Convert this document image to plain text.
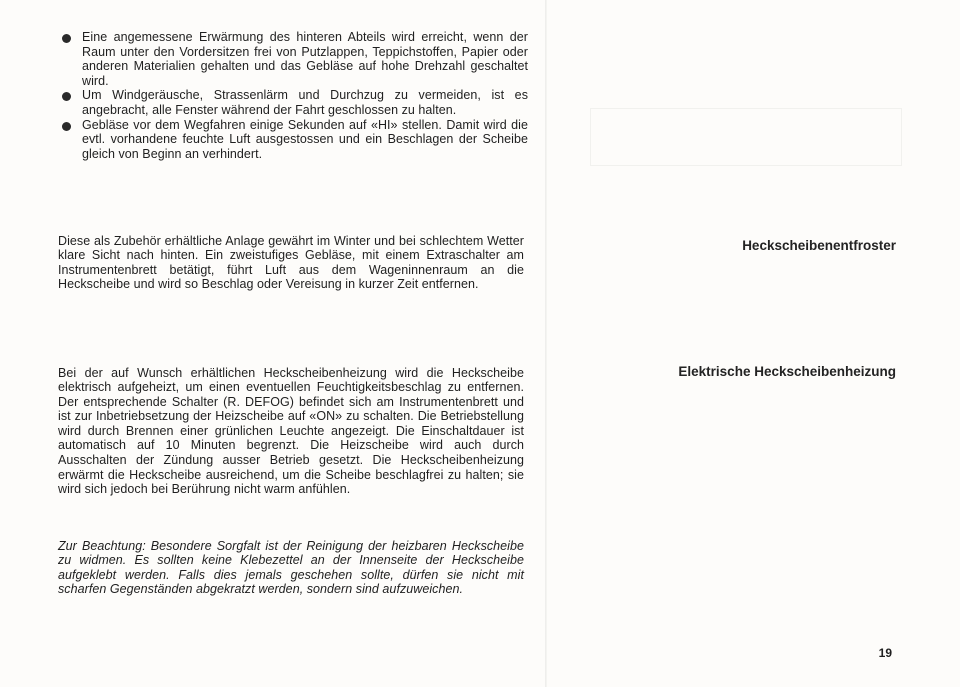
Eine angemessene Erwärmung des hinteren Abteils wird erreicht, wenn der Raum unter den Vordersitzen frei von Putzlappen, Teppichstoffen, Papier oder anderen Materialien gehalten und das Gebläse auf hohe Drehzahl geschaltet wird.
Um Windgeräusche, Strassenlärm und Durchzug zu vermeiden, ist es angebracht, alle Fenster während der Fahrt geschlossen zu halten.
Gebläse vor dem Wegfahren einige Sekunden auf «HI» stellen. Damit wird die evtl. vorhandene feuchte Luft ausgestossen und ein Beschlagen der Scheibe gleich von Beginn an verhindert.

Diese als Zubehör erhältliche Anlage gewährt im Winter und bei schlechtem Wetter klare Sicht nach hinten. Ein zweistufiges Gebläse, mit einem Extraschalter am Instrumentenbrett betätigt, führt Luft aus dem Wageninnenraum an die Heckscheibe und wird so Beschlag oder Vereisung in kurzer Zeit entfernen.

Bei der auf Wunsch erhältlichen Heckscheibenheizung wird die Heckscheibe elektrisch aufgeheizt, um einen eventuellen Feuchtigkeitsbeschlag zu entfernen. Der entsprechende Schalter (R. DEFOG) befindet sich am Instrumentenbrett und ist zur Inbetriebsetzung der Heizscheibe auf «ON» zu schalten. Die Betriebstellung wird durch Brennen einer grünlichen Leuchte angezeigt. Die Einschaltdauer ist automatisch auf 10 Minuten begrenzt. Die Heizscheibe wird auch durch Ausschalten der Zündung ausser Betrieb gesetzt. Die Heckscheibenheizung erwärmt die Heckscheibe ausreichend, um die Scheibe beschlagfrei zu halten; sie wird sich jedoch bei Berührung nicht warm anfühlen.

Zur Beachtung: Besondere Sorgfalt ist der Reinigung der heizbaren Heckscheibe zu widmen. Es sollten keine Klebezettel an der Innenseite der Heckscheibe aufgeklebt werden. Falls dies jemals geschehen sollte, dürfen sie nicht mit scharfen Gegenständen abgekratzt werden, sondern sind aufzuweichen.

Heckscheibenentfroster
Elektrische Heckscheibenheizung
19
